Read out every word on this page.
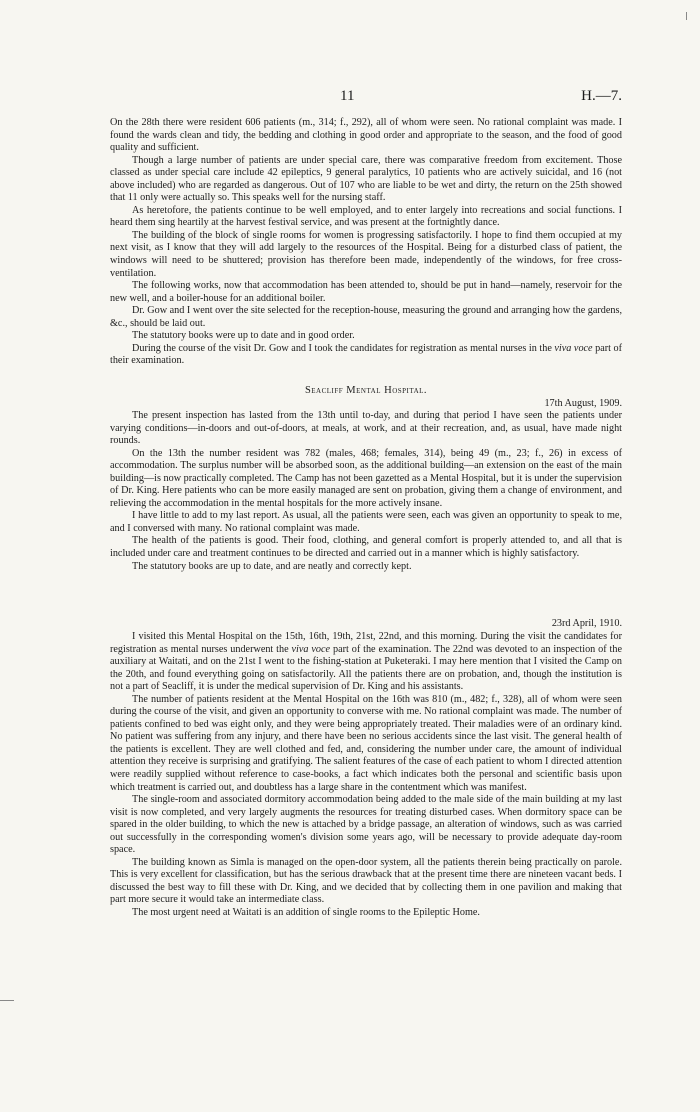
11	H.—7.

On the 28th there were resident 606 patients (m., 314; f., 292), all of whom were seen. No rational complaint was made. I found the wards clean and tidy, the bedding and clothing in good order and appropriate to the season, and the food of good quality and sufficient.

Though a large number of patients are under special care, there was comparative freedom from excitement. Those classed as under special care include 42 epileptics, 9 general paralytics, 10 patients who are actively suicidal, and 16 (not above included) who are regarded as dangerous. Out of 107 who are liable to be wet and dirty, the return on the 25th showed that 11 only were actually so. This speaks well for the nursing staff.

As heretofore, the patients continue to be well employed, and to enter largely into recreations and social functions. I heard them sing heartily at the harvest festival service, and was present at the fortnightly dance.

The building of the block of single rooms for women is progressing satisfactorily. I hope to find them occupied at my next visit, as I know that they will add largely to the resources of the Hospital. Being for a disturbed class of patient, the windows will need to be shuttered; provision has therefore been made, independently of the windows, for free cross-ventilation.

The following works, now that accommodation has been attended to, should be put in hand—namely, reservoir for the new well, and a boiler-house for an additional boiler.

Dr. Gow and I went over the site selected for the reception-house, measuring the ground and arranging how the gardens, &c., should be laid out.

The statutory books were up to date and in good order.

During the course of the visit Dr. Gow and I took the candidates for registration as mental nurses in the viva voce part of their examination.

Seacliff Mental Hospital.
17th August, 1909.

The present inspection has lasted from the 13th until to-day, and during that period I have seen the patients under varying conditions—in-doors and out-of-doors, at meals, at work, and at their recreation, and, as usual, have made night rounds.

On the 13th the number resident was 782 (males, 468; females, 314), being 49 (m., 23; f., 26) in excess of accommodation. The surplus number will be absorbed soon, as the additional building—an extension on the east of the main building—is now practically completed. The Camp has not been gazetted as a Mental Hospital, but it is under the supervision of Dr. King. Here patients who can be more easily managed are sent on probation, giving them a change of environment, and relieving the accommodation in the mental hospitals for the more actively insane.

I have little to add to my last report. As usual, all the patients were seen, each was given an opportunity to speak to me, and I conversed with many. No rational complaint was made.

The health of the patients is good. Their food, clothing, and general comfort is properly attended to, and all that is included under care and treatment continues to be directed and carried out in a manner which is highly satisfactory.

The statutory books are up to date, and are neatly and correctly kept.

23rd April, 1910.

I visited this Mental Hospital on the 15th, 16th, 19th, 21st, 22nd, and this morning. During the visit the candidates for registration as mental nurses underwent the viva voce part of the examination. The 22nd was devoted to an inspection of the auxiliary at Waitati, and on the 21st I went to the fishing-station at Puketeraki. I may here mention that I visited the Camp on the 20th, and found everything going on satisfactorily. All the patients there are on probation, and, though the institution is not a part of Seacliff, it is under the medical supervision of Dr. King and his assistants.

The number of patients resident at the Mental Hospital on the 16th was 810 (m., 482; f., 328), all of whom were seen during the course of the visit, and given an opportunity to converse with me. No rational complaint was made. The number of patients confined to bed was eight only, and they were being appropriately treated. Their maladies were of an ordinary kind. No patient was suffering from any injury, and there have been no serious accidents since the last visit. The general health of the patients is excellent. They are well clothed and fed, and, considering the number under care, the amount of individual attention they receive is surprising and gratifying. The salient features of the case of each patient to whom I directed attention were readily supplied without reference to case-books, a fact which indicates both the personal and scientific basis upon which treatment is carried out, and doubtless has a large share in the contentment which was manifest.

The single-room and associated dormitory accommodation being added to the male side of the main building at my last visit is now completed, and very largely augments the resources for treating disturbed cases. When dormitory space can be spared in the older building, to which the new is attached by a bridge passage, an alteration of windows, such as was carried out successfully in the corresponding women's division some years ago, will be necessary to provide adequate day-room space.

The building known as Simla is managed on the open-door system, all the patients therein being practically on parole. This is very excellent for classification, but has the serious drawback that at the present time there are nineteen vacant beds. I discussed the best way to fill these with Dr. King, and we decided that by collecting them in one pavilion and making that part more secure it would take an intermediate class.

The most urgent need at Waitati is an addition of single rooms to the Epileptic Home.
